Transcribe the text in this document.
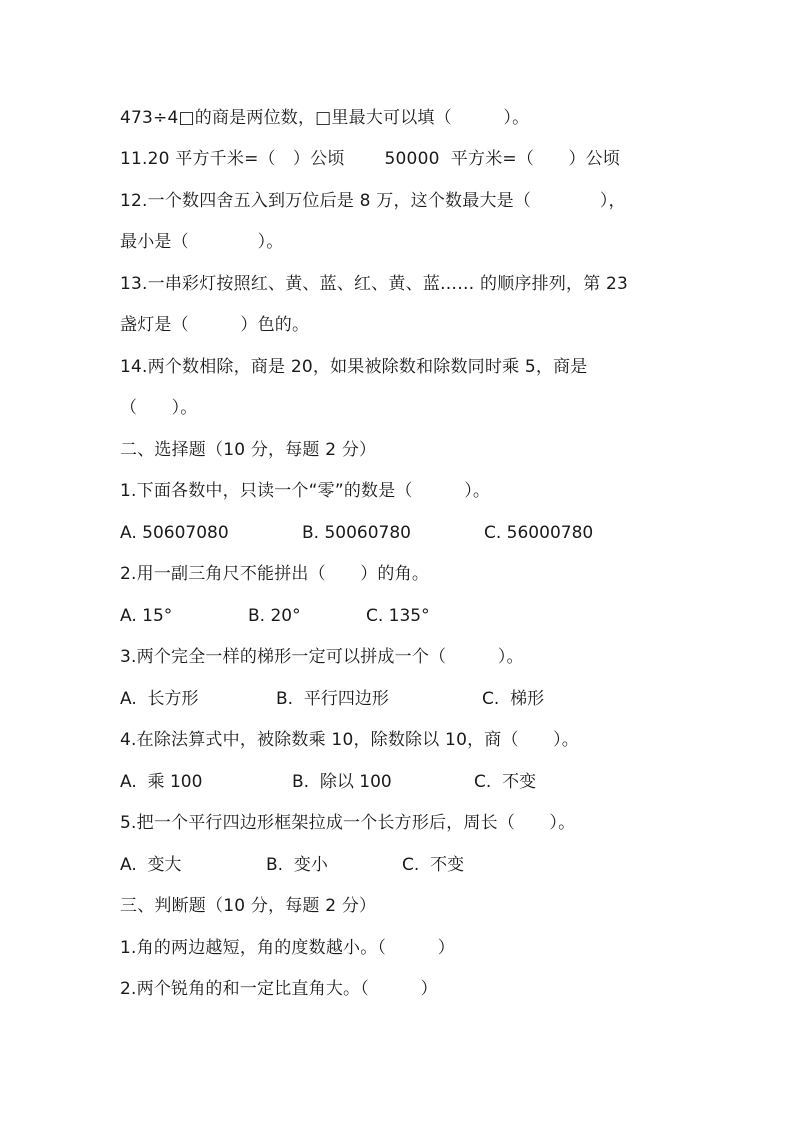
473÷4□的商是两位数，□里最大可以填（　　　）。
11.20 平方千米=（　）公顷　　 50000  平方米=（　　）公顷
12.一个数四舍五入到万位后是 8 万，这个数最大是（　　　　），
最小是（　　　　）。
13.一串彩灯按照红、黄、蓝、红、黄、蓝…… 的顺序排列，第 23
盏灯是（　　　）色的。
14.两个数相除，商是 20，如果被除数和除数同时乘 5，商是
（　　）。
二、选择题（10 分，每题 2 分）
1.下面各数中，只读一个“零”的数是（　　　）。

A. 50607080

	B. 50060780

	C. 56000780

2.用一副三角尺不能拼出（　　）的角。

A. 15°

	B. 20°

	C. 135°

3.两个完全一样的梯形一定可以拼成一个（　　　）。

A.  长方形

	B.  平行四边形

	C.  梯形

4.在除法算式中，被除数乘 10，除数除以 10，商（　　）。

A.  乘 100

	B.  除以 100

	C.  不变

5.把一个平行四边形框架拉成一个长方形后，周长（　　）。

A.  变大

	B.  变小

	C.  不变

三、判断题（10 分，每题 2 分）
1.角的两边越短，角的度数越小。（　　　）
2.两个锐角的和一定比直角大。（　　　）
